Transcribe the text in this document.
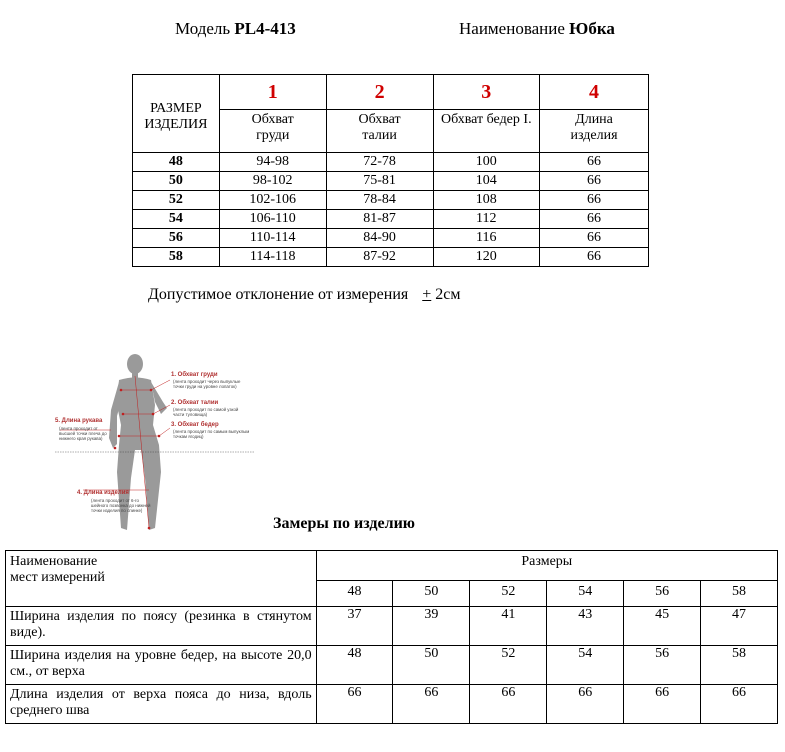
Модель PL4-413	Наименование Юбка
РАЗМЕР ИЗДЕЛИЯ	1	2	3	4
	Обхват груди	Обхват талии	Обхват бедер I.	Длина изделия
48	94-98	72-78	100	66
50	98-102	75-81	104	66
52	102-106	78-84	108	66
54	106-110	81-87	112	66
56	110-114	84-90	116	66
58	114-118	87-92	120	66
Допустимое отклонение от измерения + 2см
1. Обхват груди
(лента проходит через выпуклые
точки груди на уровне лопаток)
2. Обхват талии
(лента проходит по самой узкой
части туловища)
3. Обхват бедер
(лента проходит по самым выпуклым
точкам ягодиц)
5. Длина рукава
(лента проходит от
высшей точки плеча до
нижнего края рукава)
4. Длина изделия
(лента проходит от 6-го
шейного позвонка до нижней
точки изделия по спинке)
Замеры по изделию
Наименование
мест измерений	Размеры					
	48	50	52	54	56	58
Ширина изделия по поясу (резинка в стянутом виде).	37	39	41	43	45	47
Ширина изделия на уровне бедер, на высоте 20,0 см., от верха	48	50	52	54	56	58
Длина изделия от верха пояса до низа, вдоль среднего шва	66	66	66	66	66	66
